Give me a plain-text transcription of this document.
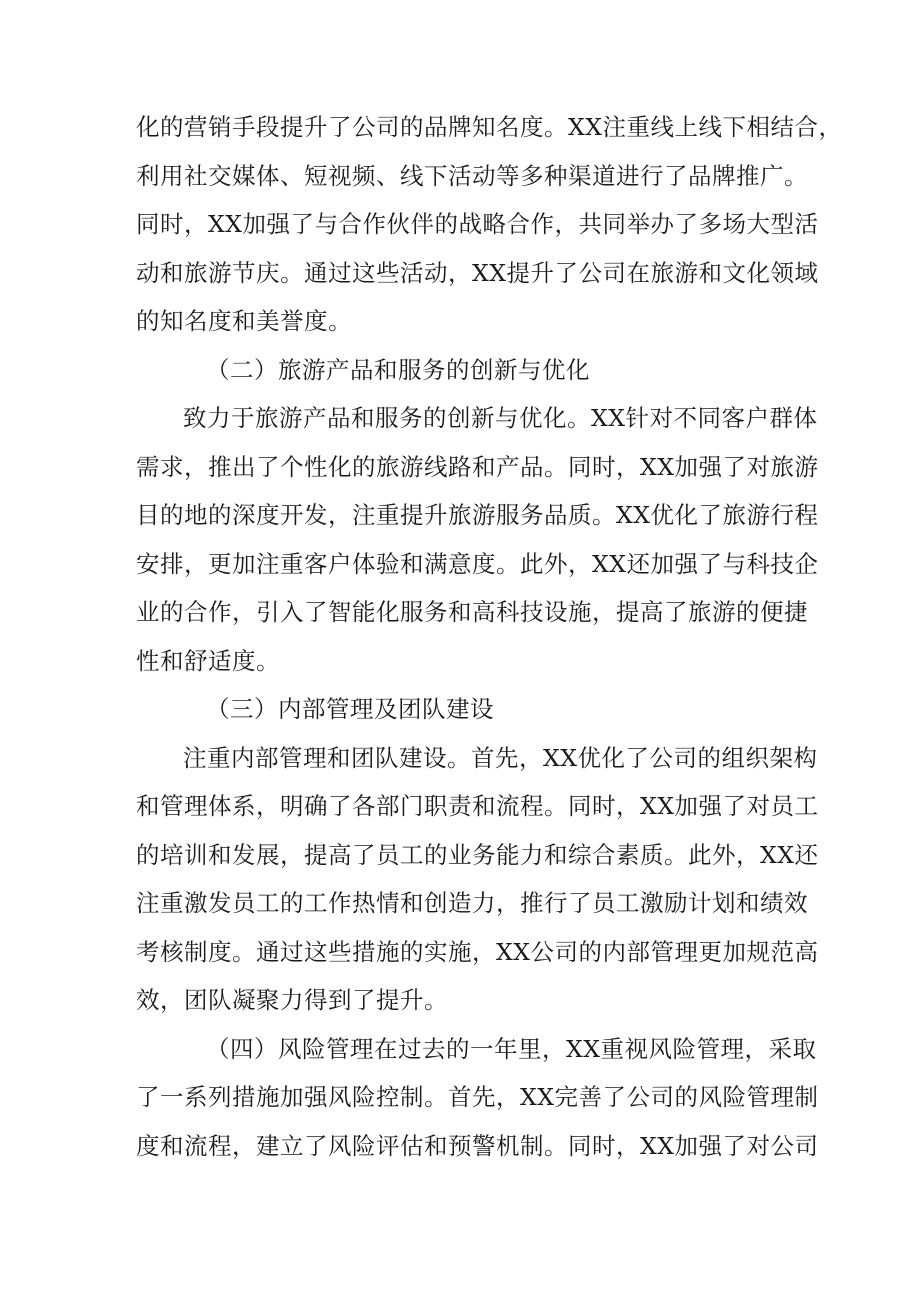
化的营销手段提升了公司的品牌知名度。XX注重线上线下相结合，
利用社交媒体、短视频、线下活动等多种渠道进行了品牌推广。
同时，XX加强了与合作伙伴的战略合作，共同举办了多场大型活
动和旅游节庆。通过这些活动，XX提升了公司在旅游和文化领域
的知名度和美誉度。
（二）旅游产品和服务的创新与优化
致力于旅游产品和服务的创新与优化。XX针对不同客户群体
需求，推出了个性化的旅游线路和产品。同时，XX加强了对旅游
目的地的深度开发，注重提升旅游服务品质。XX优化了旅游行程
安排，更加注重客户体验和满意度。此外，XX还加强了与科技企
业的合作，引入了智能化服务和高科技设施，提高了旅游的便捷
性和舒适度。
（三）内部管理及团队建设
注重内部管理和团队建设。首先，XX优化了公司的组织架构
和管理体系，明确了各部门职责和流程。同时，XX加强了对员工
的培训和发展，提高了员工的业务能力和综合素质。此外，XX还
注重激发员工的工作热情和创造力，推行了员工激励计划和绩效
考核制度。通过这些措施的实施，XX公司的内部管理更加规范高
效，团队凝聚力得到了提升。
（四）风险管理在过去的一年里，XX重视风险管理，采取
了一系列措施加强风险控制。首先，XX完善了公司的风险管理制
度和流程，建立了风险评估和预警机制。同时，XX加强了对公司
